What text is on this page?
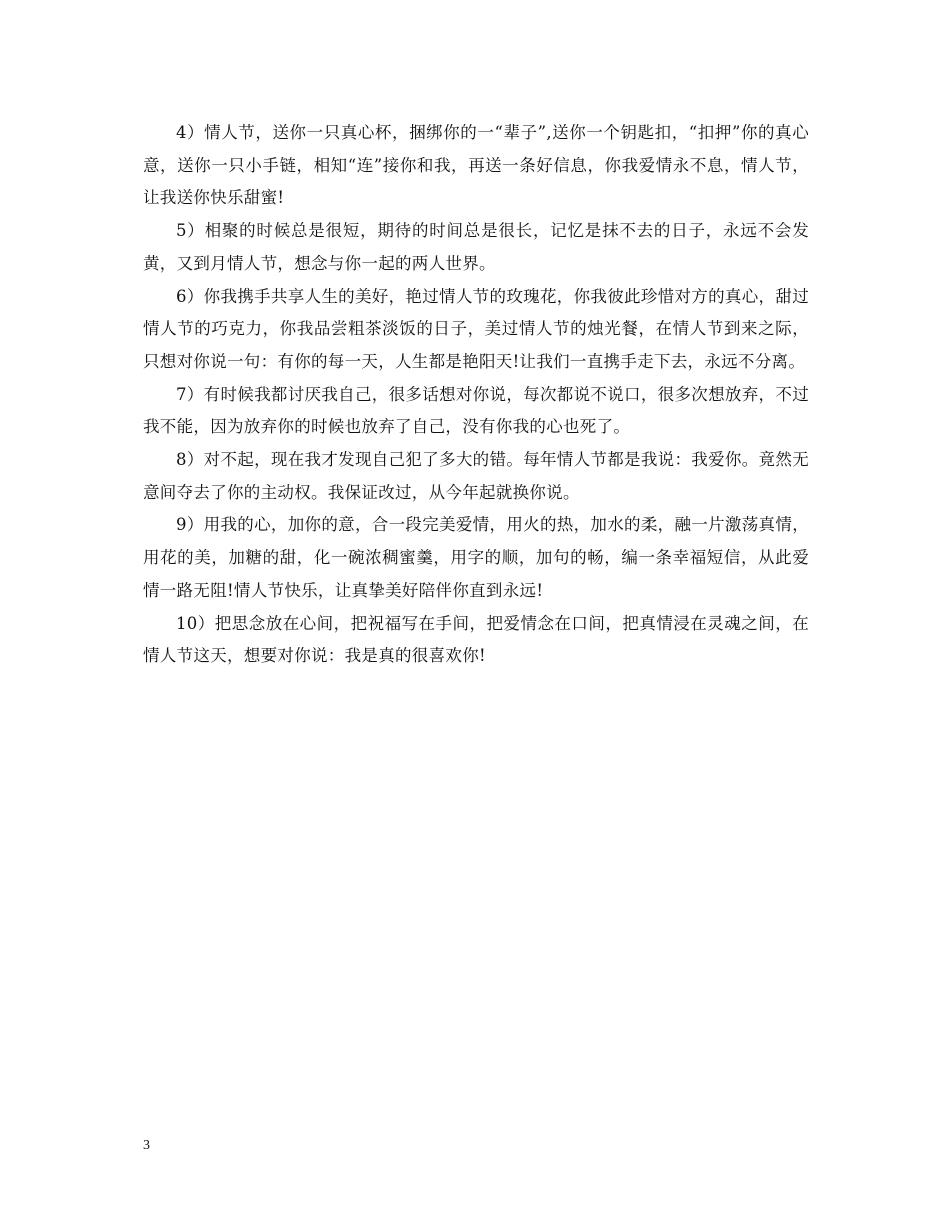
4）情人节，送你一只真心杯，捆绑你的一“辈子”,送你一个钥匙扣，“扣押”你的真心意，送你一只小手链，相知“连”接你和我，再送一条好信息，你我爱情永不息，情人节，让我送你快乐甜蜜!

5）相聚的时候总是很短，期待的时间总是很长，记忆是抹不去的日子，永远不会发黄，又到月情人节，想念与你一起的两人世界。

6）你我携手共享人生的美好，艳过情人节的玫瑰花，你我彼此珍惜对方的真心，甜过情人节的巧克力，你我品尝粗茶淡饭的日子，美过情人节的烛光餐，在情人节到来之际，只想对你说一句：有你的每一天，人生都是艳阳天!让我们一直携手走下去，永远不分离。

7）有时候我都讨厌我自己，很多话想对你说，每次都说不说口，很多次想放弃，不过我不能，因为放弃你的时候也放弃了自己，没有你我的心也死了。

8）对不起，现在我才发现自己犯了多大的错。每年情人节都是我说：我爱你。竟然无意间夺去了你的主动权。我保证改过，从今年起就换你说。

9）用我的心，加你的意，合一段完美爱情，用火的热，加水的柔，融一片激荡真情，用花的美，加糖的甜，化一碗浓稠蜜羹，用字的顺，加句的畅，编一条幸福短信，从此爱情一路无阻!情人节快乐，让真挚美好陪伴你直到永远!

10）把思念放在心间，把祝福写在手间，把爱情念在口间，把真情浸在灵魂之间，在情人节这天，想要对你说：我是真的很喜欢你!

3
